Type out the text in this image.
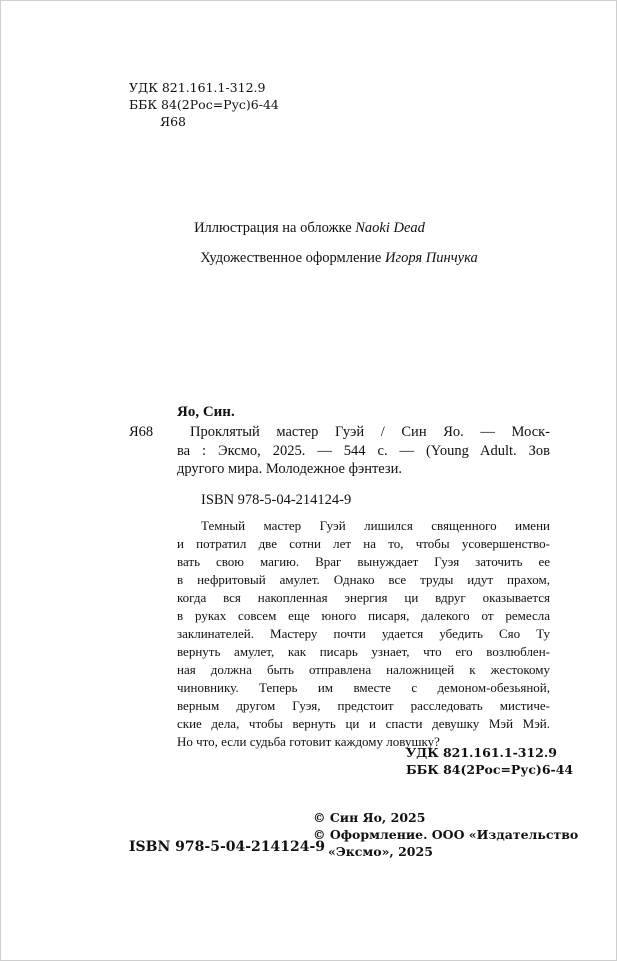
УДК 821.161.1-312.9
ББК 84(2Рос=Рус)6-44
Я68
Иллюстрация на обложке Naoki Dead
Художественное оформление Игоря Пинчука
Яо, Син.
Я68	Проклятый мастер Гуэй / Син Яо. — Моск-
ва : Эксмо, 2025. — 544 с. — (Young Adult. Зов
другого мира. Молодежное фэнтези.
ISBN 978-5-04-214124-9
Темный мастер Гуэй лишился священного имени
и потратил две сотни лет на то, чтобы усовершенство-
вать свою магию. Враг вынуждает Гуэя заточить ее
в нефритовый амулет. Однако все труды идут прахом,
когда вся накопленная энергия ци вдруг оказывается
в руках совсем еще юного писаря, далекого от ремесла
заклинателей. Мастеру почти удается убедить Сяо Ту
вернуть амулет, как писарь узнает, что его возлюблен-
ная должна быть отправлена наложницей к жестокому
чиновнику. Теперь им вместе с демоном-обезьяной,
верным другом Гуэя, предстоит расследовать мистиче-
ские дела, чтобы вернуть ци и спасти девушку Мэй Мэй.
Но что, если судьба готовит каждому ловушку?
УДК 821.161.1-312.9
ББК 84(2Рос=Рус)6-44
© Син Яо, 2025
© Оформление. ООО «Издательство
«Эксмо», 2025
ISBN 978-5-04-214124-9
